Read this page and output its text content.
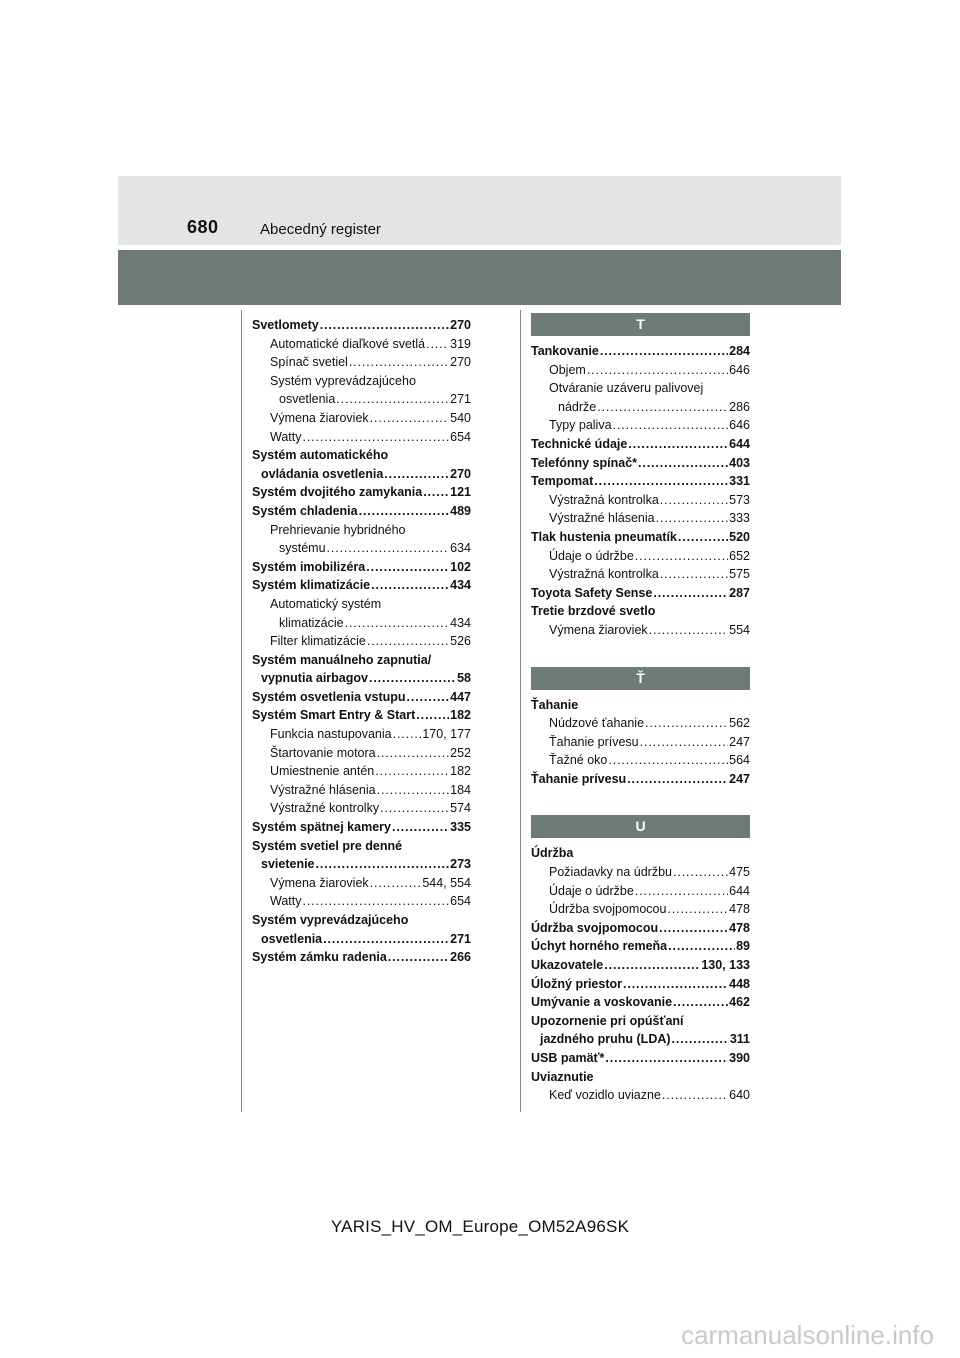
680	Abecedný register
Svetlomety . . .	270
Automatické diaľkové svetlá . . . 319
Spínač svetiel . . .	270
Systém vyprevádzajúceho
osvetlenia . . .	271
Výmena žiaroviek . . .	540
Watty . . .	654
Systém automatického
ovládania osvetlenia . . .	270
Systém dvojitého zamykania . . . 121
Systém chladenia . . .	489
Prehrievanie hybridného
systému . . .	634
Systém imobilizéra . . .	102
Systém klimatizácie . . .	434
Automatický systém
klimatizácie . . .	434
Filter klimatizácie . . .	526
Systém manuálneho zapnutia/
vypnutia airbagov . . .	58
Systém osvetlenia vstupu . . .	447
Systém Smart Entry & Start . . .	182
Funkcia nastupovania . . . 170, 177
Štartovanie motora . . .	252
Umiestnenie antén . . .	182
Výstražné hlásenia . . .	184
Výstražné kontrolky . . .	574
Systém spätnej kamery . . .	335
Systém svetiel pre denné
svietenie . . .	273
Výmena žiaroviek . . .	544, 554
Watty . . .	654
Systém vyprevádzajúceho
osvetlenia . . .	271
Systém zámku radenia . . .	266
T
Tankovanie . . .	284
Objem . . .	646
Otváranie uzáveru palivovej
nádrže . . .	286
Typy paliva . . .	646
Technické údaje . . .	644
Telefónny spínač* . . .	403
Tempomat . . .	331
Výstražná kontrolka . . .	573
Výstražné hlásenia . . .	333
Tlak hustenia pneumatík . . .	520
Údaje o údržbe . . .	652
Výstražná kontrolka . . .	575
Toyota Safety Sense . . .	287
Tretie brzdové svetlo
Výmena žiaroviek . . .	554
Ť
Ťahanie
Núdzové ťahanie . . .	562
Ťahanie prívesu . . .	247
Ťažné oko . . .	564
Ťahanie prívesu . . .	247
U
Údržba
Požiadavky na údržbu . . .	475
Údaje o údržbe . . .	644
Údržba svojpomocou . . .	478
Údržba svojpomocou . . .	478
Úchyt horného remeňa . . .	89
Ukazovatele . . .	130, 133
Úložný priestor . . .	448
Umývanie a voskovanie . . .	462
Upozornenie pri opúšťaní
jazdného pruhu (LDA) . . .	311
USB pamäť* . . .	390
Uviaznutie
Keď vozidlo uviazne . . .	640
YARIS_HV_OM_Europe_OM52A96SK
carmanualsonline.info
